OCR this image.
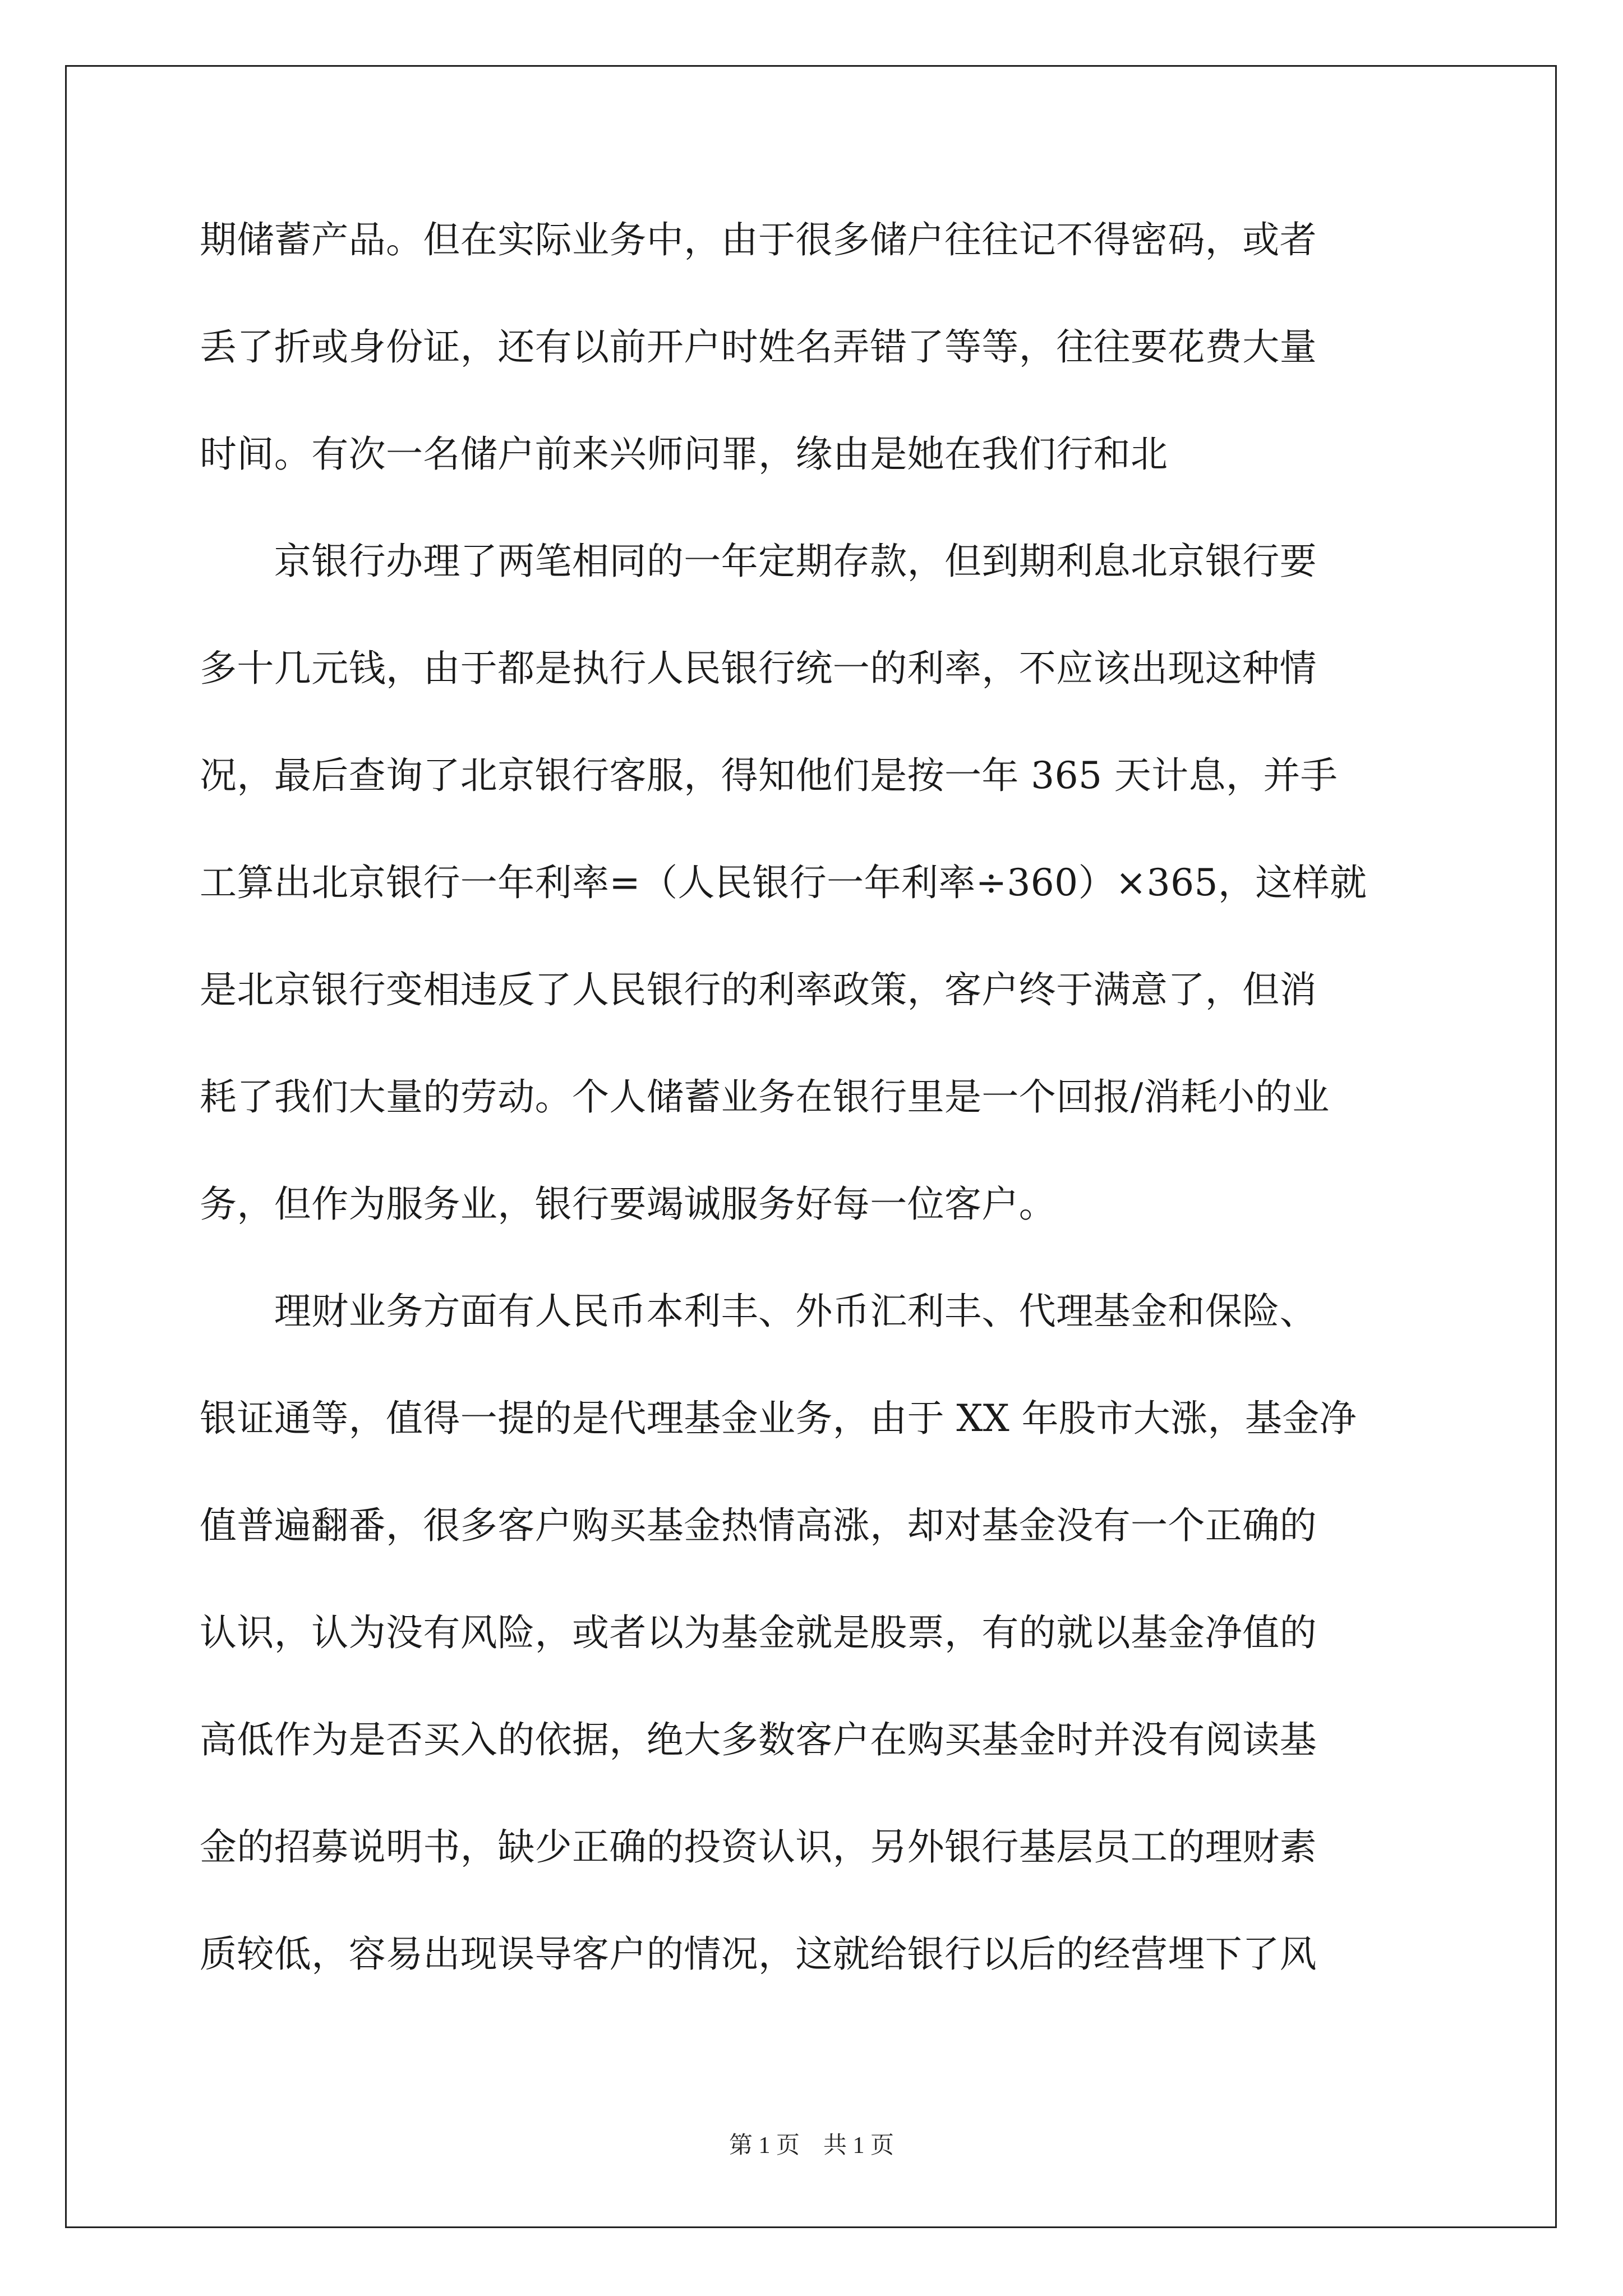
期储蓄产品。但在实际业务中，由于很多储户往往记不得密码，或者
丢了折或身份证，还有以前开户时姓名弄错了等等，往往要花费大量
时间。有次一名储户前来兴师问罪，缘由是她在我们行和北
　　京银行办理了两笔相同的一年定期存款，但到期利息北京银行要
多十几元钱，由于都是执行人民银行统一的利率，不应该出现这种情
况，最后查询了北京银行客服，得知他们是按一年 365 天计息，并手
工算出北京银行一年利率=（人民银行一年利率÷360）×365，这样就
是北京银行变相违反了人民银行的利率政策，客户终于满意了，但消
耗了我们大量的劳动。个人储蓄业务在银行里是一个回报/消耗小的业
务，但作为服务业，银行要竭诚服务好每一位客户。
　　理财业务方面有人民币本利丰、外币汇利丰、代理基金和保险、
银证通等，值得一提的是代理基金业务，由于 XX 年股市大涨，基金净
值普遍翻番，很多客户购买基金热情高涨，却对基金没有一个正确的
认识，认为没有风险，或者以为基金就是股票，有的就以基金净值的
高低作为是否买入的依据，绝大多数客户在购买基金时并没有阅读基
金的招募说明书，缺少正确的投资认识，另外银行基层员工的理财素
质较低，容易出现误导客户的情况，这就给银行以后的经营埋下了风
第 1 页　共 1 页
